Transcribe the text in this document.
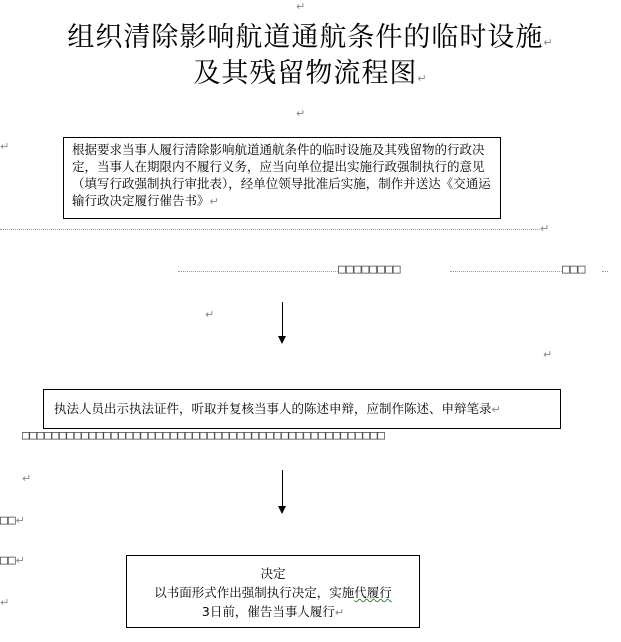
组织清除影响航道通航条件的临时设施↵
及其残留物流程图↵
↵
↵
↵	根据要求当事人履行清除影响航道通航条件的临时设施及其残留物的行政决定，当事人在期限内不履行义务，应当向单位提出实施行政强制执行的意见（填写行政强制执行审批表），经单位领导批准后实施，制作并送达《交通运输行政决定履行催告书》↵
↵
□□□□□□□□	□□□
↵
↵
执法人员出示执法证件，听取并复核当事人的陈述申辩，应制作陈述、申辩笔录↵
□□□□□□□□□□□□□□□□□□□□□□□□□□□□□□□□□□□□□□□□□□□□□□□□□
↵
□□↵
□□↵
↵
决定
以书面形式作出强制执行决定，实施代履行
3日前，催告当事人履行↵
